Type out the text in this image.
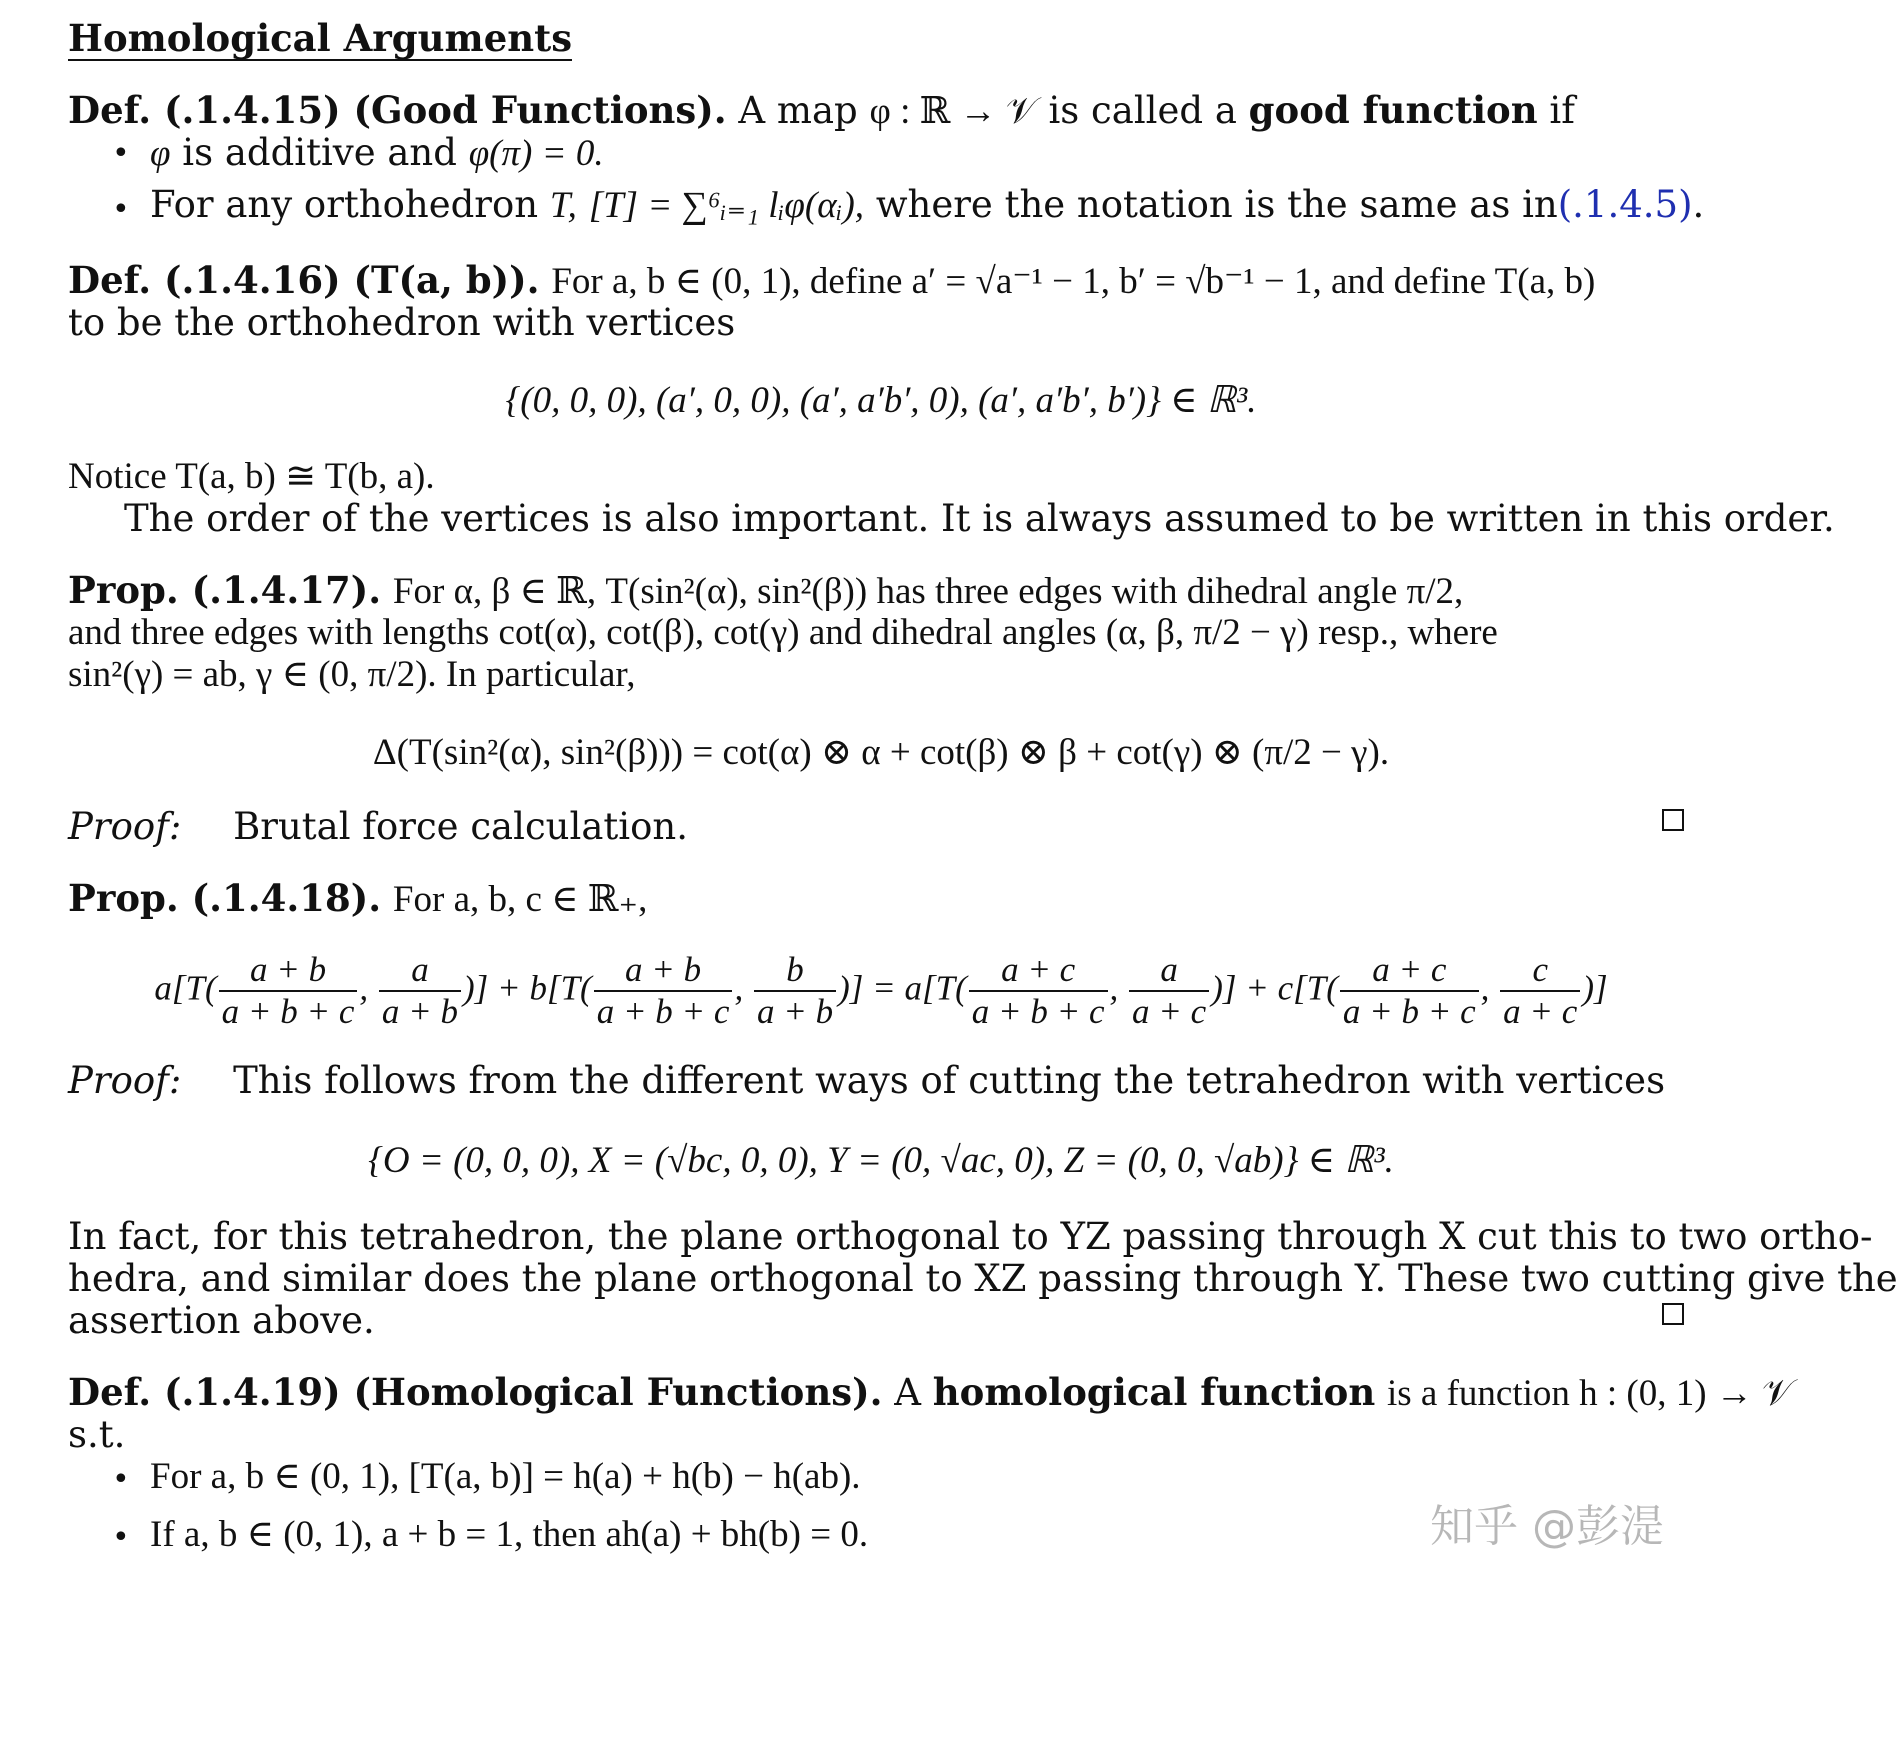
Homological Arguments
Def. (.1.4.15) (Good Functions). A map φ : ℝ → 𝒱 is called a good function if
• φ is additive and φ(π) = 0.
• For any orthohedron T, [T] = ∑⁶ᵢ₌₁ lᵢφ(αᵢ), where the notation is the same as in(.1.4.5).
Def. (.1.4.16) (T(a, b)). For a, b ∈ (0, 1), define a′ = √a⁻¹ − 1, b′ = √b⁻¹ − 1, and define T(a, b)
to be the orthohedron with vertices
{(0, 0, 0), (a′, 0, 0), (a′, a′b′, 0), (a′, a′b′, b′)} ∈ ℝ³.
Notice T(a, b) ≅ T(b, a).
The order of the vertices is also important. It is always assumed to be written in this order.
Prop. (.1.4.17). For α, β ∈ ℝ, T(sin²(α), sin²(β)) has three edges with dihedral angle π/2,
and three edges with lengths cot(α), cot(β), cot(γ) and dihedral angles (α, β, π/2 − γ) resp., where
sin²(γ) = ab, γ ∈ (0, π/2). In particular,
Δ(T(sin²(α), sin²(β))) = cot(α) ⊗ α + cot(β) ⊗ β + cot(γ) ⊗ (π/2 − γ).
Proof: Brutal force calculation.
Prop. (.1.4.18). For a, b, c ∈ ℝ₊,
$a[T( \frac{a + b}{a + b + c}$ , $\frac{a}{a + b}$ )] + $b[T( \frac{a + b}{a + b + c}$ , $\frac{b}{a + b}$ )] = $a[T( \frac{a + c}{a + b + c}$ , $\frac{a}{a + c}$ )] + $c[T( \frac{a + c}{a + b + c}$ , $\frac{c}{a + c}$ )]
Proof: This follows from the different ways of cutting the tetrahedron with vertices
{O = (0, 0, 0), X = (√bc, 0, 0), Y = (0, √ac, 0), Z = (0, 0, √ab)} ∈ ℝ³.
In fact, for this tetrahedron, the plane orthogonal to YZ passing through X cut this to two ortho-
hedra, and similar does the plane orthogonal to XZ passing through Y. These two cutting give the
assertion above.
Def. (.1.4.19) (Homological Functions). A homological function is a function h : (0, 1) → 𝒱
s.t.
• For a, b ∈ (0, 1), [T(a, b)] = h(a) + h(b) − h(ab).
• If a, b ∈ (0, 1), a + b = 1, then ah(a) + bh(b) = 0.	知乎 @彭湜
